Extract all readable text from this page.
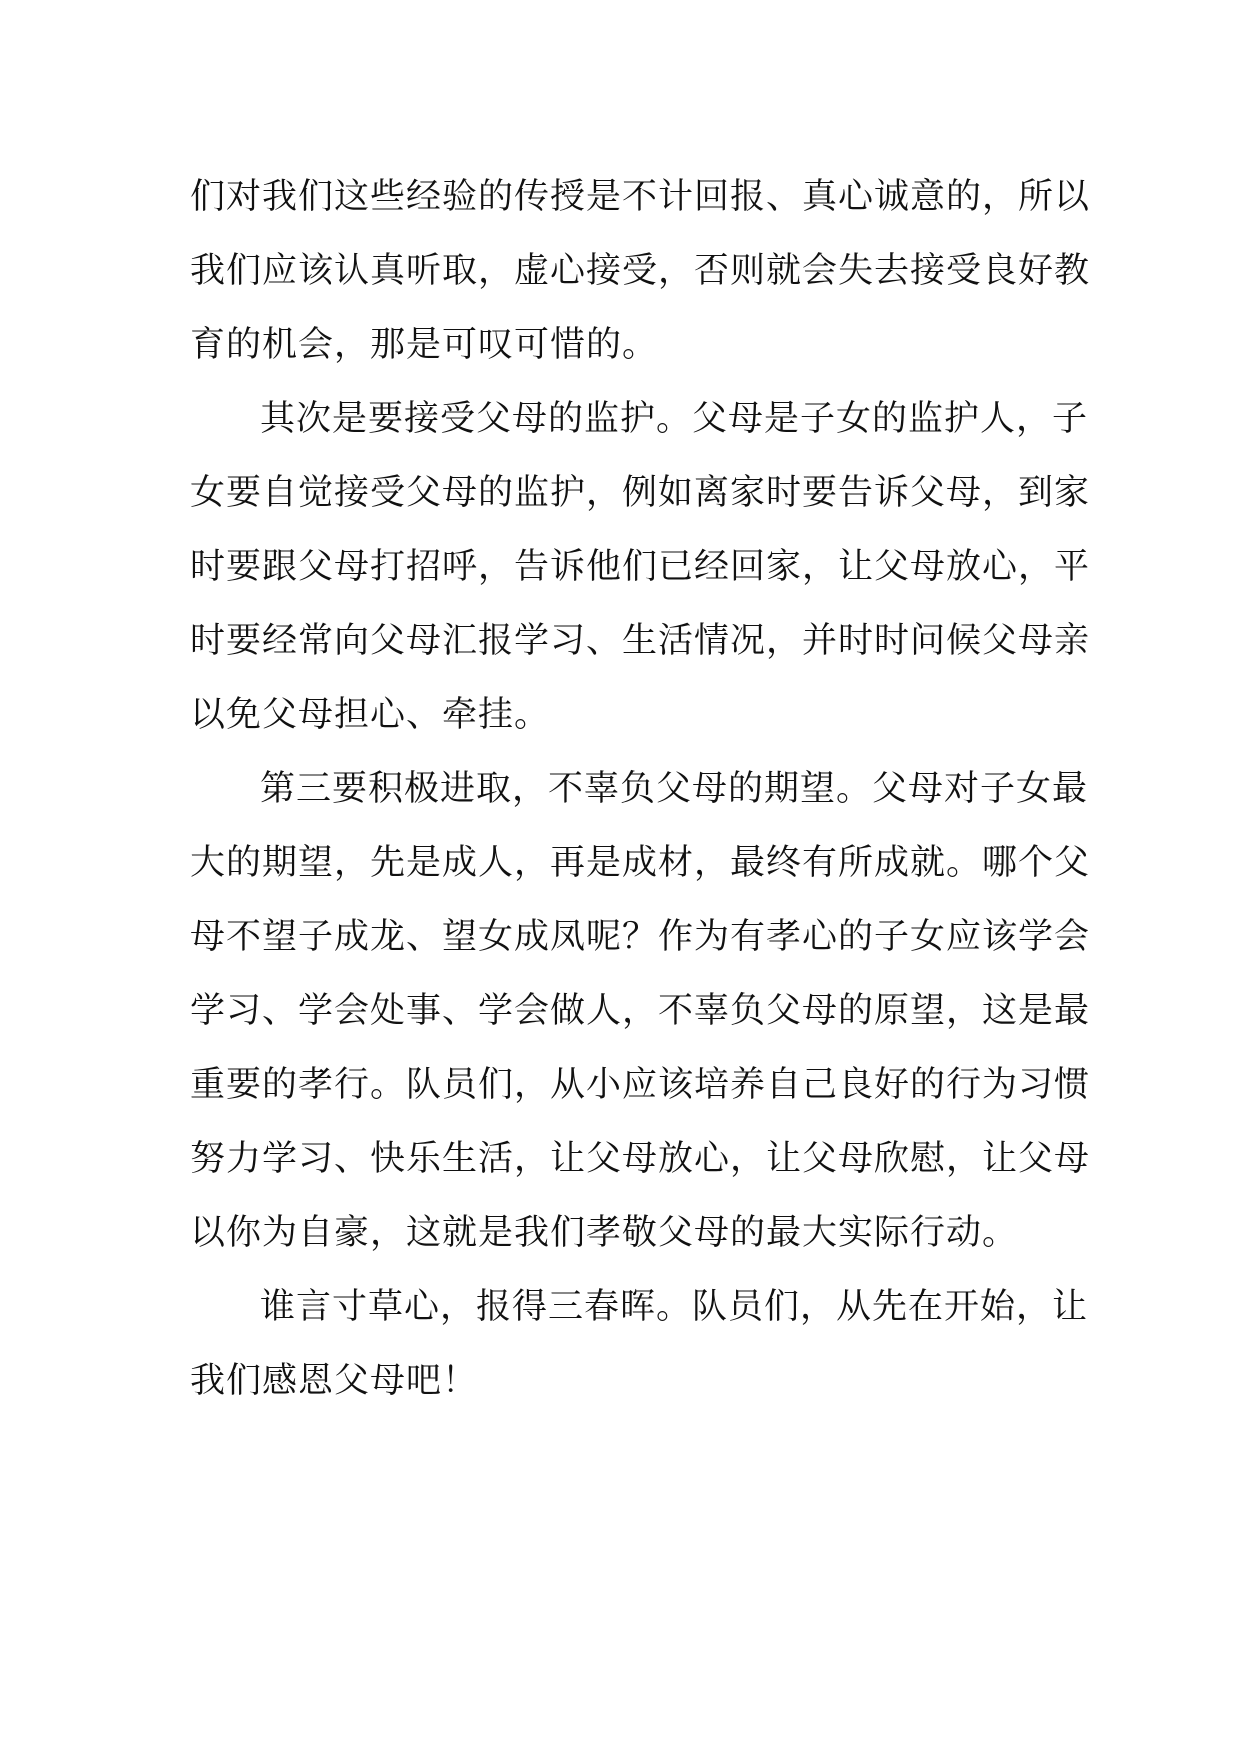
们对我们这些经验的传授是不计回报、真心诚意的，所以
我们应该认真听取，虚心接受，否则就会失去接受良好教
育的机会，那是可叹可惜的。
其次是要接受父母的监护。父母是子女的监护人，子
女要自觉接受父母的监护，例如离家时要告诉父母，到家
时要跟父母打招呼，告诉他们已经回家，让父母放心，平
时要经常向父母汇报学习、生活情况，并时时问候父母亲
以免父母担心、牵挂。
第三要积极进取，不辜负父母的期望。父母对子女最
大的期望，先是成人，再是成材，最终有所成就。哪个父
母不望子成龙、望女成凤呢？作为有孝心的子女应该学会
学习、学会处事、学会做人，不辜负父母的原望，这是最
重要的孝行。队员们，从小应该培养自己良好的行为习惯
努力学习、快乐生活，让父母放心，让父母欣慰，让父母
以你为自豪，这就是我们孝敬父母的最大实际行动。
谁言寸草心，报得三春晖。队员们，从先在开始，让
我们感恩父母吧！
